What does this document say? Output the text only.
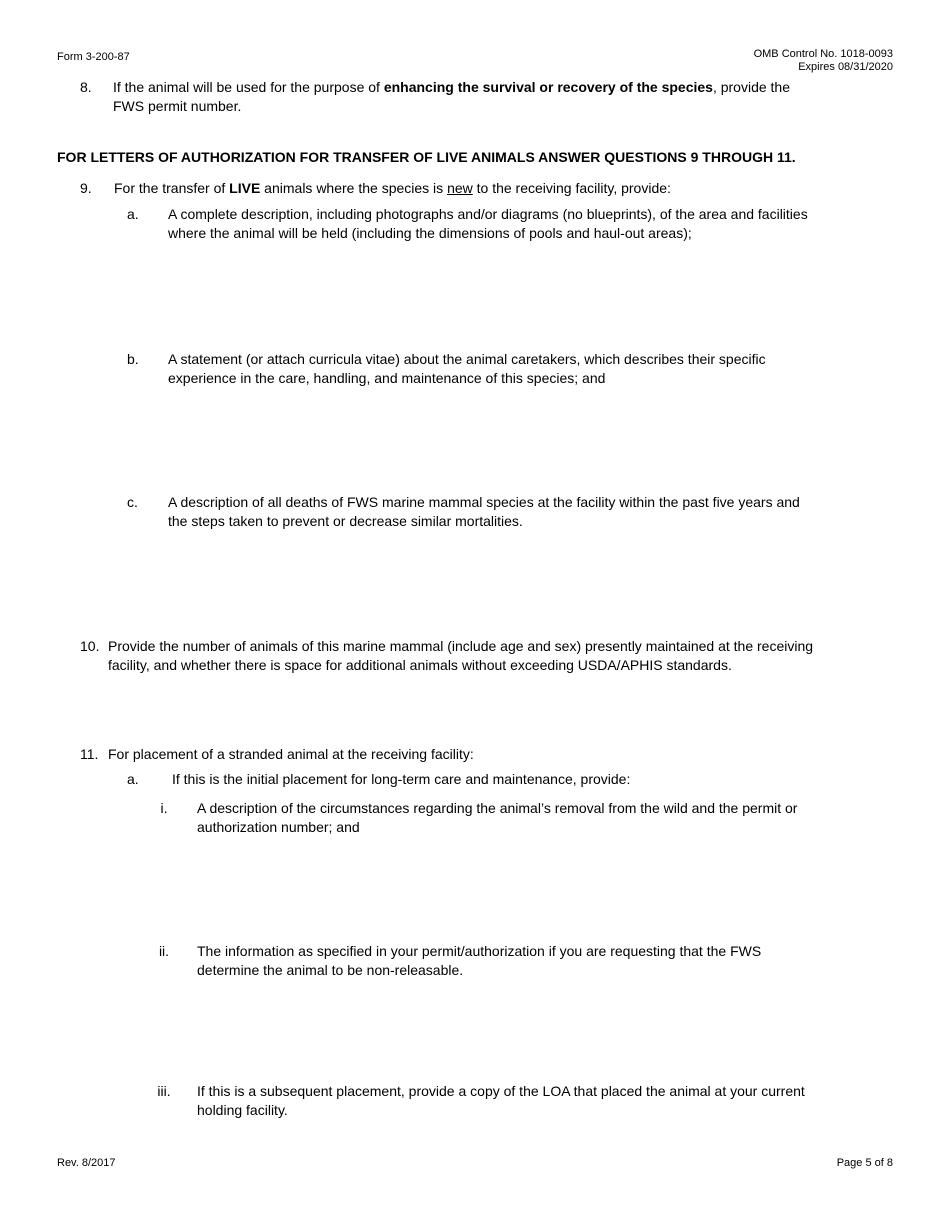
Form 3-200-87	OMB Control No. 1018-0093
Expires 08/31/2020
8. If the animal will be used for the purpose of enhancing the survival or recovery of the species, provide the
FWS permit number.
FOR LETTERS OF AUTHORIZATION FOR TRANSFER OF LIVE ANIMALS ANSWER QUESTIONS 9 THROUGH 11.
9. For the transfer of LIVE animals where the species is new to the receiving facility, provide:
a. A complete description, including photographs and/or diagrams (no blueprints), of the area and facilities
where the animal will be held (including the dimensions of pools and haul-out areas);
b. A statement (or attach curricula vitae) about the animal caretakers, which describes their specific
experience in the care, handling, and maintenance of this species; and
c. A description of all deaths of FWS marine mammal species at the facility within the past five years and
the steps taken to prevent or decrease similar mortalities.
10. Provide the number of animals of this marine mammal (include age and sex) presently maintained at the receiving
facility, and whether there is space for additional animals without exceeding USDA/APHIS standards.
11. For placement of a stranded animal at the receiving facility:
a. If this is the initial placement for long-term care and maintenance, provide:
i.	A description of the circumstances regarding the animal’s removal from the wild and the permit or
authorization number; and
ii.	The information as specified in your permit/authorization if you are requesting that the FWS
determine the animal to be non-releasable.
iii.	If this is a subsequent placement, provide a copy of the LOA that placed the animal at your current
holding facility.
Rev. 8/2017	Page 5 of 8
